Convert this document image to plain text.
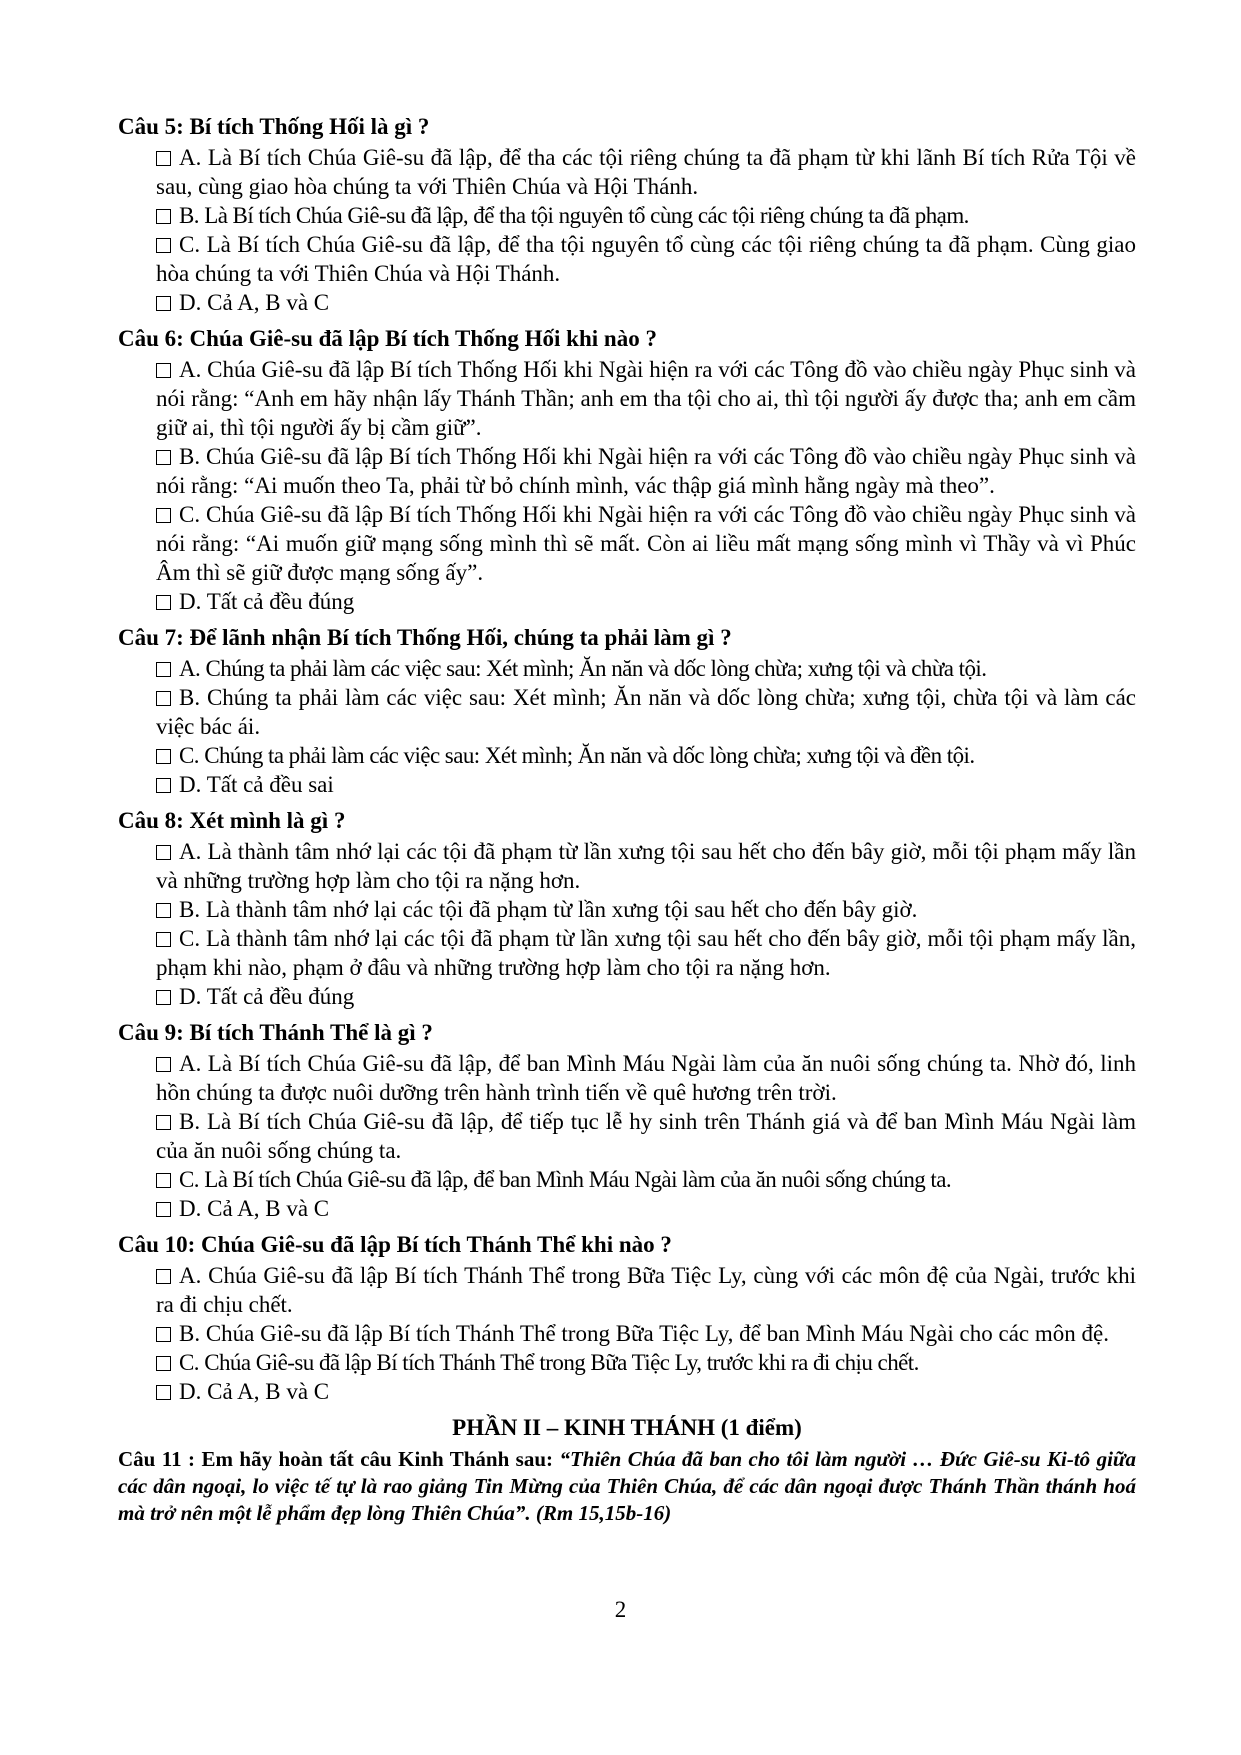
Câu 5: Bí tích Thống Hối là gì ?
A. Là Bí tích Chúa Giê-su đã lập, để tha các tội riêng chúng ta đã phạm từ khi lãnh Bí tích Rửa Tội về sau, cùng giao hòa chúng ta với Thiên Chúa và Hội Thánh.
B. Là Bí tích Chúa Giê-su đã lập, để tha tội nguyên tổ cùng các tội riêng chúng ta đã phạm.
C. Là Bí tích Chúa Giê-su đã lập, để tha tội nguyên tổ cùng các tội riêng chúng ta đã phạm. Cùng giao hòa chúng ta với Thiên Chúa và Hội Thánh.
D. Cả A, B và C
Câu 6: Chúa Giê-su đã lập Bí tích Thống Hối khi nào ?
A. Chúa Giê-su đã lập Bí tích Thống Hối khi Ngài hiện ra với các Tông đồ vào chiều ngày Phục sinh và nói rằng: “Anh em hãy nhận lấy Thánh Thần; anh em tha tội cho ai, thì tội người ấy được tha; anh em cầm giữ ai, thì tội người ấy bị cầm giữ”.
B. Chúa Giê-su đã lập Bí tích Thống Hối khi Ngài hiện ra với các Tông đồ vào chiều ngày Phục sinh và nói rằng: “Ai muốn theo Ta, phải từ bỏ chính mình, vác thập giá mình hằng ngày mà theo”.
C. Chúa Giê-su đã lập Bí tích Thống Hối khi Ngài hiện ra với các Tông đồ vào chiều ngày Phục sinh và nói rằng: “Ai muốn giữ mạng sống mình thì sẽ mất. Còn ai liều mất mạng sống mình vì Thầy và vì Phúc Âm thì sẽ giữ được mạng sống ấy”.
D. Tất cả đều đúng
Câu 7: Để lãnh nhận Bí tích Thống Hối, chúng ta phải làm gì ?
A. Chúng ta phải làm các việc sau: Xét mình; Ăn năn và dốc lòng chừa; xưng tội và chừa tội.
B. Chúng ta phải làm các việc sau: Xét mình; Ăn năn và dốc lòng chừa; xưng tội, chừa tội và làm các việc bác ái.
C. Chúng ta phải làm các việc sau: Xét mình; Ăn năn và dốc lòng chừa; xưng tội và đền tội.
D. Tất cả đều sai
Câu 8: Xét mình là gì ?
A. Là thành tâm nhớ lại các tội đã phạm từ lần xưng tội sau hết cho đến bây giờ, mỗi tội phạm mấy lần và những trường hợp làm cho tội ra nặng hơn.
B. Là thành tâm nhớ lại các tội đã phạm từ lần xưng tội sau hết cho đến bây giờ.
C. Là thành tâm nhớ lại các tội đã phạm từ lần xưng tội sau hết cho đến bây giờ, mỗi tội phạm mấy lần, phạm khi nào, phạm ở đâu và những trường hợp làm cho tội ra nặng hơn.
D. Tất cả đều đúng
Câu 9: Bí tích Thánh Thể là gì ?
A. Là Bí tích Chúa Giê-su đã lập, để ban Mình Máu Ngài làm của ăn nuôi sống chúng ta. Nhờ đó, linh hồn chúng ta được nuôi dưỡng trên hành trình tiến về quê hương trên trời.
B. Là Bí tích Chúa Giê-su đã lập, để tiếp tục lễ hy sinh trên Thánh giá và để ban Mình Máu Ngài làm của ăn nuôi sống chúng ta.
C. Là Bí tích Chúa Giê-su đã lập, để ban Mình Máu Ngài làm của ăn nuôi sống chúng ta.
D. Cả A, B và C
Câu 10: Chúa Giê-su đã lập Bí tích Thánh Thể khi nào ?
A. Chúa Giê-su đã lập Bí tích Thánh Thể trong Bữa Tiệc Ly, cùng với các môn đệ của Ngài, trước khi ra đi chịu chết.
B. Chúa Giê-su đã lập Bí tích Thánh Thể trong Bữa Tiệc Ly, để ban Mình Máu Ngài cho các môn đệ.
C. Chúa Giê-su đã lập Bí tích Thánh Thể trong Bữa Tiệc Ly, trước khi ra đi chịu chết.
D. Cả A, B và C
PHẦN II – KINH THÁNH (1 điểm)
Câu 11 : Em hãy hoàn tất câu Kinh Thánh sau: “Thiên Chúa đã ban cho tôi làm người … Đức Giê-su Ki-tô giữa các dân ngoại, lo việc tế tự là rao giảng Tin Mừng của Thiên Chúa, để các dân ngoại được Thánh Thần thánh hoá mà trở nên một lễ phẩm đẹp lòng Thiên Chúa”. (Rm 15,15b-16)
2
